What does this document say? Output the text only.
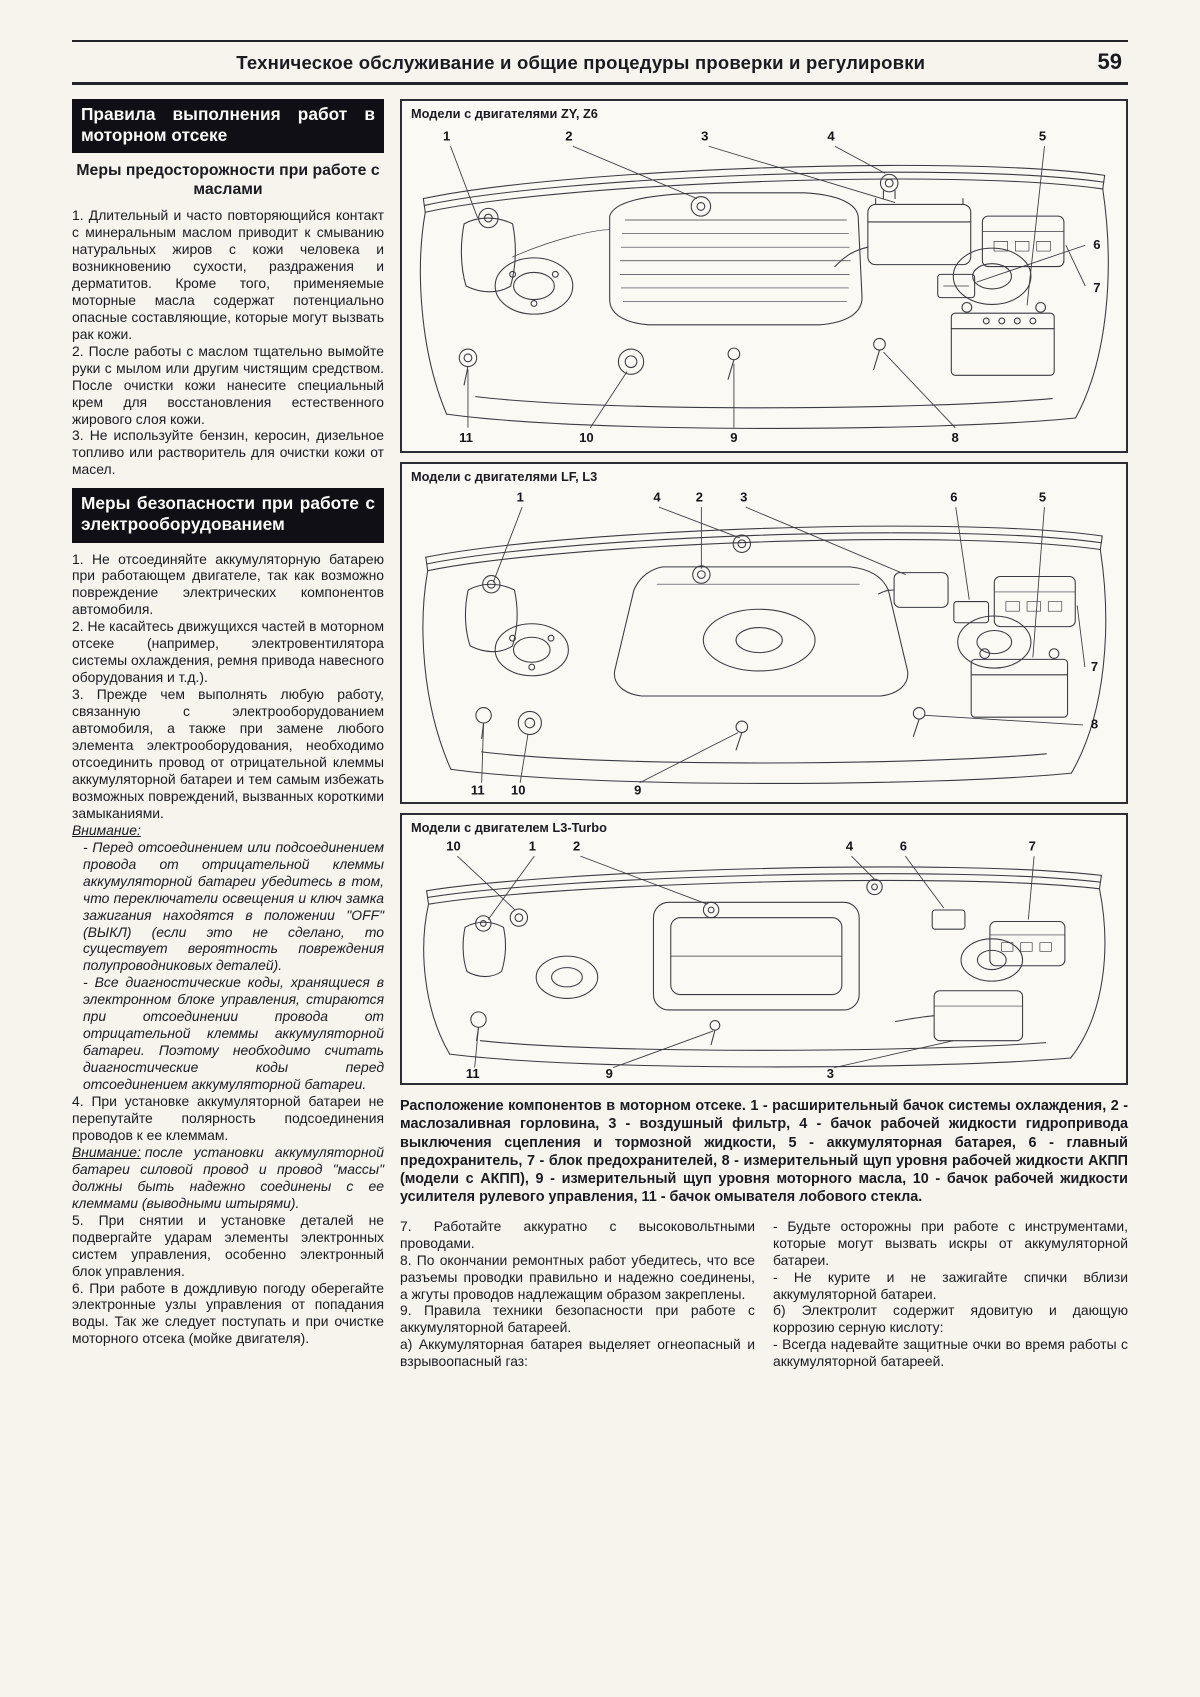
Техническое обслуживание и общие процедуры проверки и регулировки	59
Правила выполнения работ в моторном отсеке
Меры предосторожности при работе с маслами

1. Длительный и часто повторяющийся контакт с минеральным маслом приводит к смыванию натуральных жиров с кожи человека и возникновению сухости, раздражения и дерматитов. Кроме того, применяемые моторные масла содержат потенциально опасные составляющие, которые могут вызвать рак кожи.

2. После работы с маслом тщательно вымойте руки с мылом или другим чистящим средством. После очистки кожи нанесите специальный крем для восстановления естественного жирового слоя кожи.

3. Не используйте бензин, керосин, дизельное топливо или растворитель для очистки кожи от масел.

Меры безопасности при работе с электрооборудованием

1. Не отсоединяйте аккумуляторную батарею при работающем двигателе, так как возможно повреждение электрических компонентов автомобиля.

2. Не касайтесь движущихся частей в моторном отсеке (например, электровентилятора системы охлаждения, ремня привода навесного оборудования и т.д.).

3. Прежде чем выполнять любую работу, связанную с электрооборудованием автомобиля, а также при замене любого элемента электрооборудования, необходимо отсоединить провод от отрицательной клеммы аккумуляторной батареи и тем самым избежать возможных повреждений, вызванных короткими замыканиями.

Внимание:

- Перед отсоединением или подсоединением провода от отрицательной клеммы аккумуляторной батареи убедитесь в том, что переключатели освещения и ключ замка зажигания находятся в положении "OFF" (ВЫКЛ) (если это не сделано, то существует вероятность повреждения полупроводниковых деталей).

- Все диагностические коды, хранящиеся в электронном блоке управления, стираются при отсоединении провода от отрицательной клеммы аккумуляторной батареи. Поэтому необходимо считать диагностические коды перед отсоединением аккумуляторной батареи.

4. При установке аккумуляторной батареи не перепутайте полярность подсоединения проводов к ее клеммам.

Внимание: после установки аккумуляторной батареи силовой провод и провод "массы" должны быть надежно соединены с ее клеммами (выводными штырями).

5. При снятии и установке деталей не подвергайте ударам элементы электронных систем управления, особенно электронный блок управления.

6. При работе в дождливую погоду оберегайте электронные узлы управления от попадания воды. Так же следует поступать и при очистке моторного отсека (мойке двигателя).

Модели с двигателями ZY, Z6
1	2	3	4	5
6
7
8
9
10
11
Модели с двигателями LF, L3
1	4	2	3	6	5
7
8
9
10
11
Модели с двигателем L3-Turbo
10	1	2	4	6	7
11	9	3
Расположение компонентов в моторном отсеке. 1 - расширительный бачок системы охлаждения, 2 - маслозаливная горловина, 3 - воздушный фильтр, 4 - бачок рабочей жидкости гидропривода выключения сцепления и тормозной жидкости, 5 - аккумуляторная батарея, 6 - главный предохранитель, 7 - блок предохранителей, 8 - измерительный щуп уровня рабочей жидкости АКПП (модели с АКПП), 9 - измерительный щуп уровня моторного масла, 10 - бачок рабочей жидкости усилителя рулевого управления, 11 - бачок омывателя лобового стекла.

7. Работайте аккуратно с высоковольтными проводами.

8. По окончании ремонтных работ убедитесь, что все разъемы проводки правильно и надежно соединены, а жгуты проводов надлежащим образом закреплены.

9. Правила техники безопасности при работе с аккумуляторной батареей.

а) Аккумуляторная батарея выделяет огнеопасный и взрывоопасный газ:

- Будьте осторожны при работе с инструментами, которые могут вызвать искры от аккумуляторной батареи.

- Не курите и не зажигайте спички вблизи аккумуляторной батареи.

б) Электролит содержит ядовитую и дающую коррозию серную кислоту:

- Всегда надевайте защитные очки во время работы с аккумуляторной батареей.
